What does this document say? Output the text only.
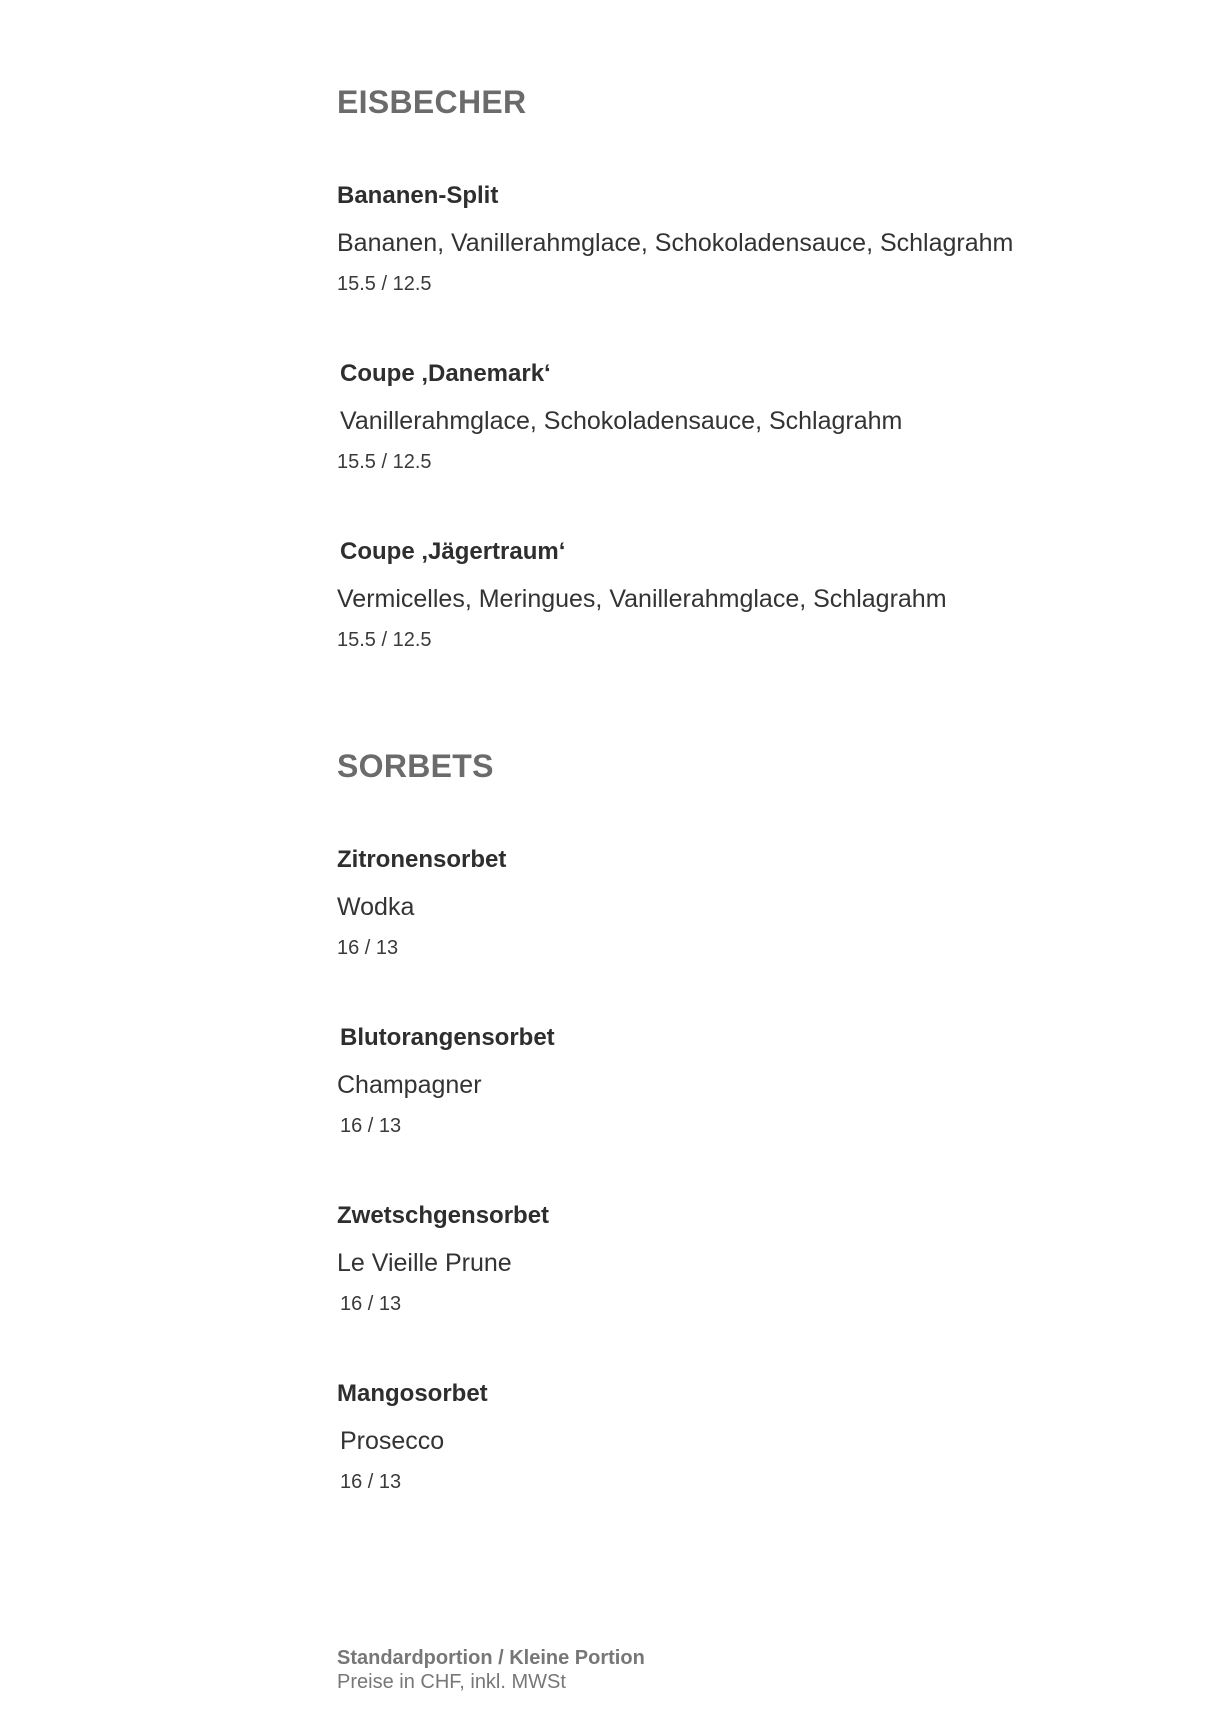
EISBECHER
Bananen-Split
Bananen, Vanillerahmglace, Schokoladensauce, Schlagrahm
15.5 / 12.5
Coupe ‚Danemark‘
Vanillerahmglace, Schokoladensauce, Schlagrahm
15.5 / 12.5
Coupe ‚Jägertraum‘
Vermicelles, Meringues, Vanillerahmglace, Schlagrahm
15.5 / 12.5
SORBETS
Zitronensorbet
Wodka
16 / 13
Blutorangensorbet
Champagner
16 / 13
Zwetschgensorbet
Le Vieille Prune
16 / 13
Mangosorbet
Prosecco
16 / 13
Standardportion / Kleine Portion
Preise in CHF, inkl. MWSt
